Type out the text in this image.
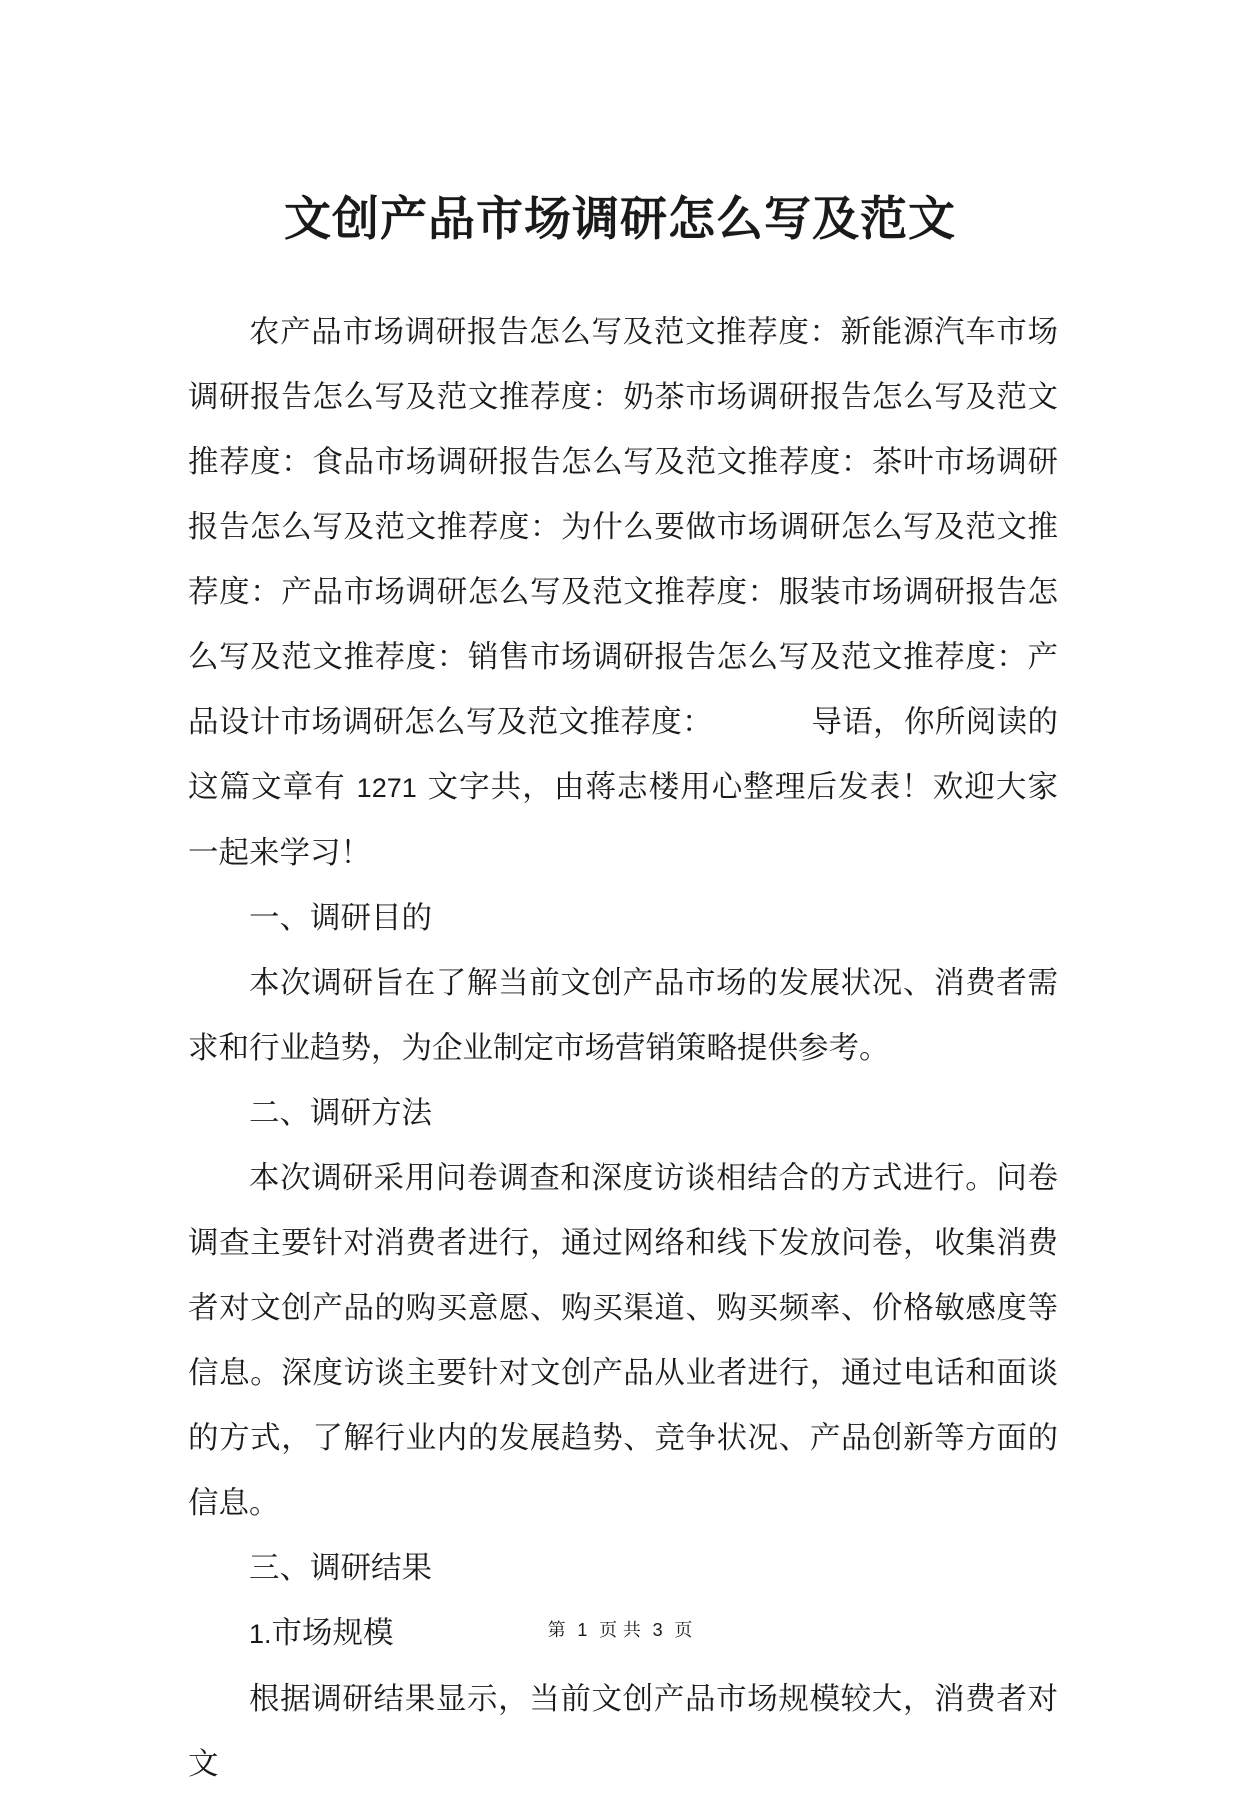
文创产品市场调研怎么写及范文

农产品市场调研报告怎么写及范文推荐度：新能源汽车市场调研报告怎么写及范文推荐度：奶茶市场调研报告怎么写及范文推荐度：食品市场调研报告怎么写及范文推荐度：茶叶市场调研报告怎么写及范文推荐度：为什么要做市场调研怎么写及范文推荐度：产品市场调研怎么写及范文推荐度：服装市场调研报告怎么写及范文推荐度：销售市场调研报告怎么写及范文推荐度：产品设计市场调研怎么写及范文推荐度：	导语，你所阅读的这篇文章有 1271 文字共，由蒋志楼用心整理后发表！欢迎大家一起来学习！

一、调研目的

本次调研旨在了解当前文创产品市场的发展状况、消费者需求和行业趋势，为企业制定市场营销策略提供参考。

二、调研方法

本次调研采用问卷调查和深度访谈相结合的方式进行。问卷调查主要针对消费者进行，通过网络和线下发放问卷，收集消费者对文创产品的购买意愿、购买渠道、购买频率、价格敏感度等信息。深度访谈主要针对文创产品从业者进行，通过电话和面谈的方式，了解行业内的发展趋势、竞争状况、产品创新等方面的信息。

三、调研结果

1.市场规模

根据调研结果显示，当前文创产品市场规模较大，消费者对文

第 1 页 共 3 页
